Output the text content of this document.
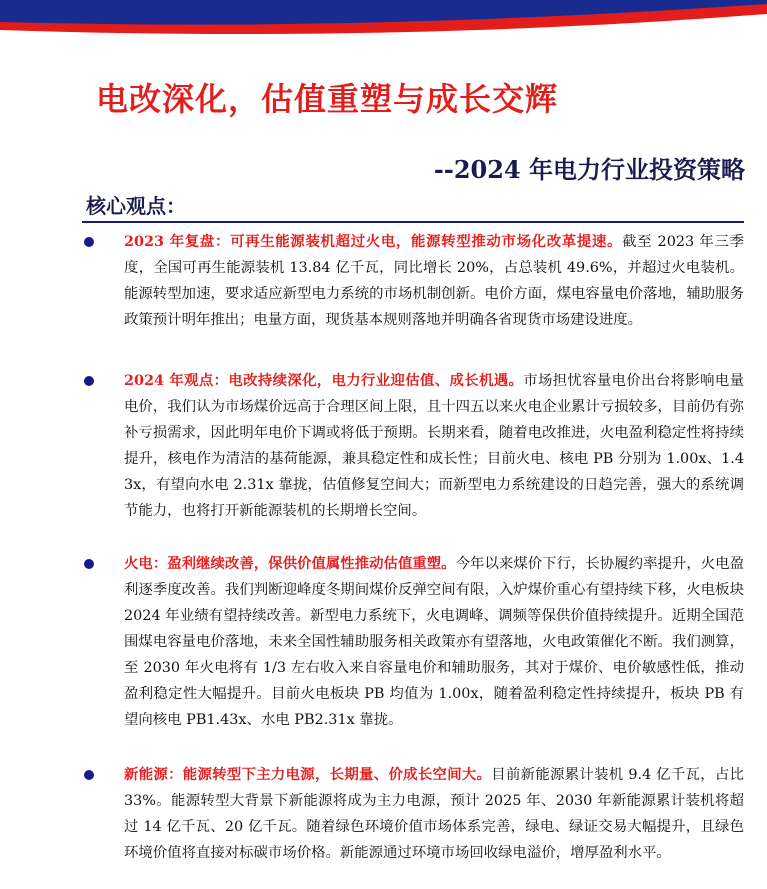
电改深化，估值重塑与成长交辉
--2024 年电力行业投资策略
核心观点：

2023 年复盘：可再生能源装机超过火电，能源转型推动市场化改革提速。截至 2023 年三季度，全国可再生能源装机 13.84 亿千瓦，同比增长 20%，占总装机 49.6%，并超过火电装机。能源转型加速，要求适应新型电力系统的市场机制创新。电价方面，煤电容量电价落地，辅助服务政策预计明年推出；电量方面，现货基本规则落地并明确各省现货市场建设进度。

2024 年观点：电改持续深化，电力行业迎估值、成长机遇。市场担忧容量电价出台将影响电量电价，我们认为市场煤价远高于合理区间上限，且十四五以来火电企业累计亏损较多，目前仍有弥补亏损需求，因此明年电价下调或将低于预期。长期来看，随着电改推进，火电盈利稳定性将持续提升，核电作为清洁的基荷能源，兼具稳定性和成长性；目前火电、核电 PB 分别为 1.00x、1.43x，有望向水电 2.31x 靠拢，估值修复空间大；而新型电力系统建设的日趋完善，强大的系统调节能力，也将打开新能源装机的长期增长空间。

火电：盈利继续改善，保供价值属性推动估值重塑。今年以来煤价下行，长协履约率提升，火电盈利逐季度改善。我们判断迎峰度冬期间煤价反弹空间有限，入炉煤价重心有望持续下移，火电板块 2024 年业绩有望持续改善。新型电力系统下，火电调峰、调频等保供价值持续提升。近期全国范围煤电容量电价落地，未来全国性辅助服务相关政策亦有望落地，火电政策催化不断。我们测算，至 2030 年火电将有 1/3 左右收入来自容量电价和辅助服务，其对于煤价、电价敏感性低，推动盈利稳定性大幅提升。目前火电板块 PB 均值为 1.00x，随着盈利稳定性持续提升，板块 PB 有望向核电 PB1.43x、水电 PB2.31x 靠拢。

新能源：能源转型下主力电源，长期量、价成长空间大。目前新能源累计装机 9.4 亿千瓦，占比 33%。能源转型大背景下新能源将成为主力电源，预计 2025 年、2030 年新能源累计装机将超过 14 亿千瓦、20 亿千瓦。随着绿色环境价值市场体系完善，绿电、绿证交易大幅提升，且绿色环境价值将直接对标碳市场价格。新能源通过环境市场回收绿电溢价，增厚盈利水平。
